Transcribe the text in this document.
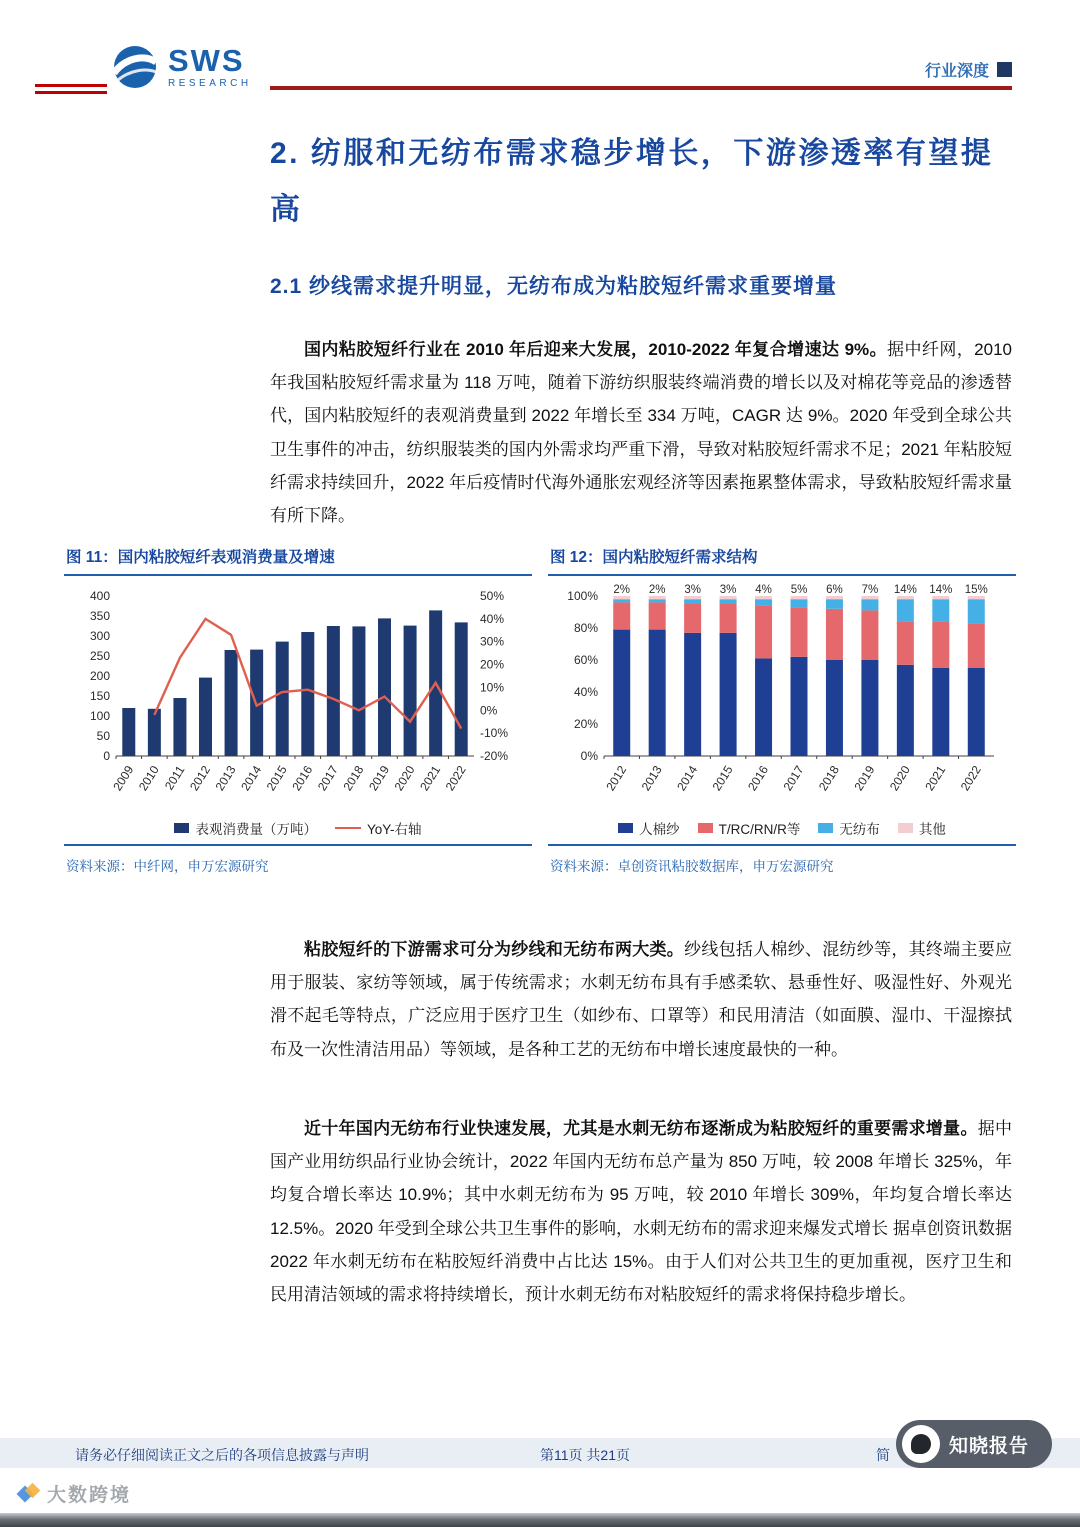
SWS
RESEARCH
行业深度
2. 纺服和无纺布需求稳步增长，下游渗透率有望提高
2.1 纱线需求提升明显，无纺布成为粘胶短纤需求重要增量

国内粘胶短纤行业在 2010 年后迎来大发展，2010-2022 年复合增速达 9%。据中纤网，2010 年我国粘胶短纤需求量为 118 万吨，随着下游纺织服装终端消费的增长以及对棉花等竞品的渗透替代，国内粘胶短纤的表观消费量到 2022 年增长至 334 万吨，CAGR 达 9%。2020 年受到全球公共卫生事件的冲击，纺织服装类的国内外需求均严重下滑，导致对粘胶短纤需求不足；2021 年粘胶短纤需求持续回升，2022 年后疫情时代海外通胀宏观经济等因素拖累整体需求，导致粘胶短纤需求量有所下降。

图 11：国内粘胶短纤表观消费量及增速
0
50
100
150
200
250
300
350
400
-20%
-10%
0%
10%
20%
30%
40%
50%
2009 2010 2011 2012 2013 2014 2015 2016 2017 2018 2019 2020 2021 2022
表观消费量（万吨）	YoY-右轴
资料来源：中纤网，申万宏源研究
图 12：国内粘胶短纤需求结构
0%
20%
40%
60%
80%
100%
2012
2%
2013
2%
2014
3%
2015
3%
2016
4%
2017
5%
2018
6%
2019
7%
2020
14%
2021
14%
2022
15%
人棉纱	T/RC/RN/R等	无纺布	其他
资料来源：卓创资讯粘胶数据库，申万宏源研究

粘胶短纤的下游需求可分为纱线和无纺布两大类。纱线包括人棉纱、混纺纱等，其终端主要应用于服装、家纺等领域，属于传统需求；水刺无纺布具有手感柔软、悬垂性好、吸湿性好、外观光滑不起毛等特点，广泛应用于医疗卫生（如纱布、口罩等）和民用清洁（如面膜、湿巾、干湿擦拭布及一次性清洁用品）等领域，是各种工艺的无纺布中增长速度最快的一种。

近十年国内无纺布行业快速发展，尤其是水刺无纺布逐渐成为粘胶短纤的重要需求增量。据中国产业用纺织品行业协会统计，2022 年国内无纺布总产量为 850 万吨，较 2008 年增长 325%，年均复合增长率达 10.9%；其中水刺无纺布为 95 万吨，较 2010 年增长 309%，年均复合增长率达 12.5%。2020 年受到全球公共卫生事件的影响，水刺无纺布的需求迎来爆发式增长 据卓创资讯数据 2022 年水刺无纺布在粘胶短纤消费中占比达 15%。由于人们对公共卫生的更加重视，医疗卫生和民用清洁领域的需求将持续增长，预计水刺无纺布对粘胶短纤的需求将保持稳步增长。

请务必仔细阅读正文之后的各项信息披露与声明	第11页 共21页	简	知晓报告
大数跨境
